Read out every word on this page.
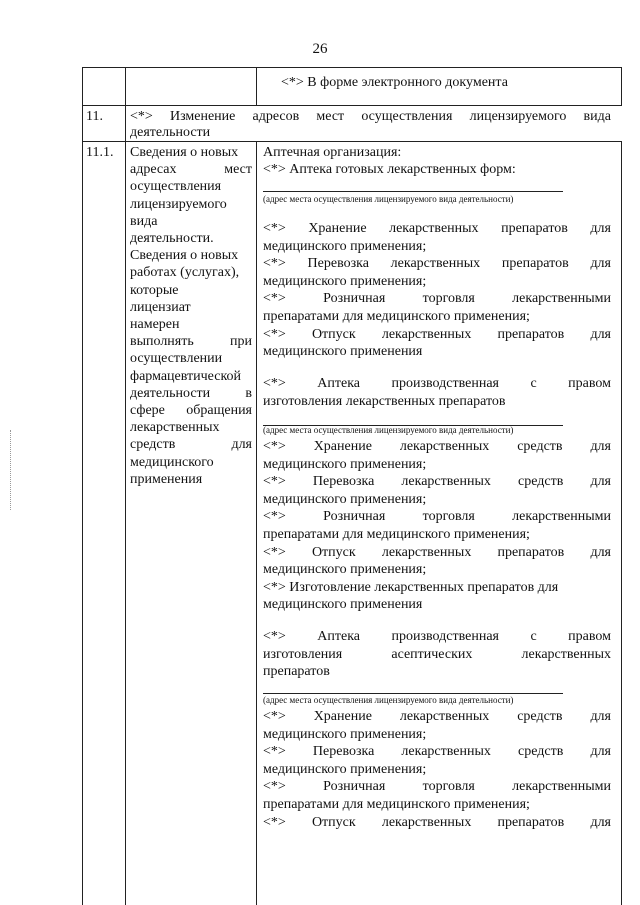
26
<*> В форме электронного документа
11. <*> Изменение адресов мест осуществления лицензируемого вида
деятельности
11.1. Сведения о новых
адресах мест
осуществления
лицензируемого
вида
деятельности.
Сведения о новых
работах (услугах),
которые
лицензиат
намерен
выполнять при
осуществлении
фармацевтической
деятельности в
сфере обращения
лекарственных
средств для
медицинского
применения
Аптечная организация:
<*> Аптека готовых лекарственных форм:
(адрес места осуществления лицензируемого вида деятельности)
<*> Хранение лекарственных препаратов для
медицинского применения;
<*> Перевозка лекарственных препаратов для
медицинского применения;
<*> Розничная торговля лекарственными
препаратами для медицинского применения;
<*> Отпуск лекарственных препаратов для
медицинского применения
<*> Аптека производственная с правом
изготовления лекарственных препаратов
(адрес места осуществления лицензируемого вида деятельности)
<*> Хранение лекарственных средств для
медицинского применения;
<*> Перевозка лекарственных средств для
медицинского применения;
<*> Розничная торговля лекарственными
препаратами для медицинского применения;
<*> Отпуск лекарственных препаратов для
медицинского применения;
<*> Изготовление лекарственных препаратов для
медицинского применения
<*> Аптека производственная с правом
изготовления асептических лекарственных
препаратов
(адрес места осуществления лицензируемого вида деятельности)
<*> Хранение лекарственных средств для
медицинского применения;
<*> Перевозка лекарственных средств для
медицинского применения;
<*> Розничная торговля лекарственными
препаратами для медицинского применения;
<*> Отпуск лекарственных препаратов для
